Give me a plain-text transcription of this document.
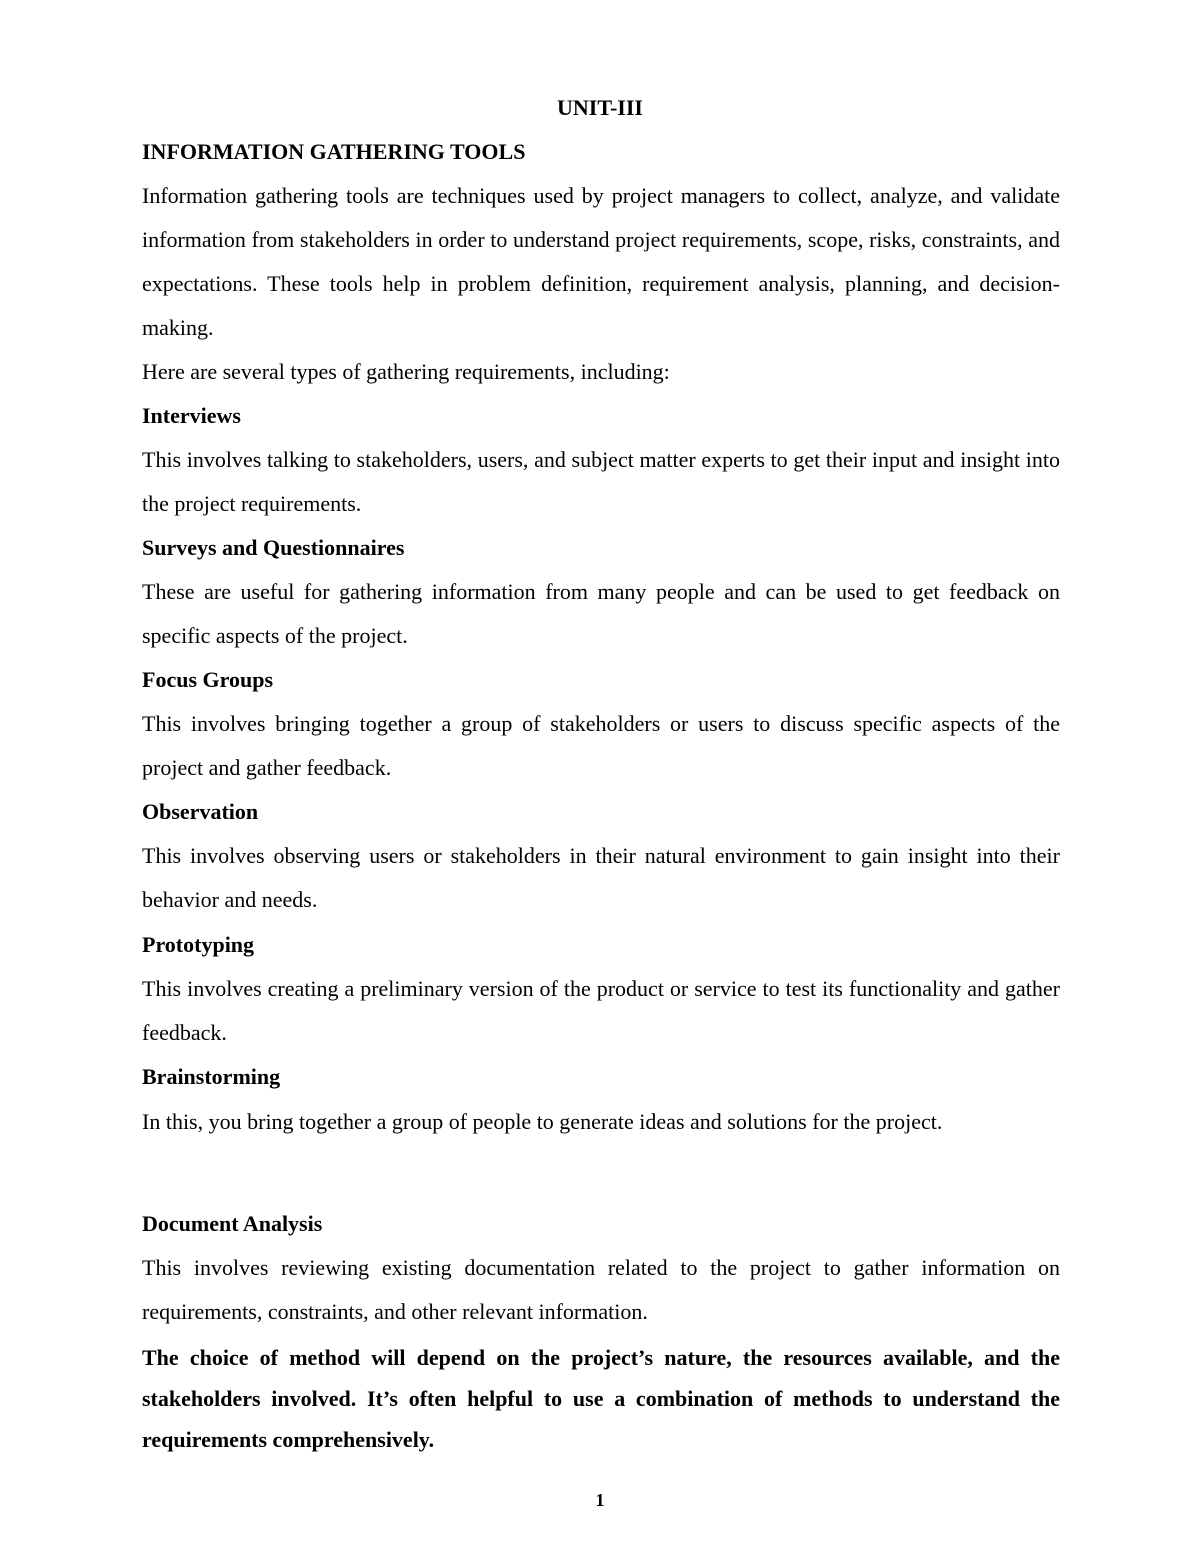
UNIT-III
INFORMATION GATHERING TOOLS
Information gathering tools are techniques used by project managers to collect, analyze, and validate information from stakeholders in order to understand project requirements, scope, risks, constraints, and expectations. These tools help in problem definition, requirement analysis, planning, and decision-making.
Here are several types of gathering requirements, including:
Interviews
This involves talking to stakeholders, users, and subject matter experts to get their input and insight into the project requirements.
Surveys and Questionnaires
These are useful for gathering information from many people and can be used to get feedback on specific aspects of the project.
Focus Groups
This involves bringing together a group of stakeholders or users to discuss specific aspects of the project and gather feedback.
Observation
This involves observing users or stakeholders in their natural environment to gain insight into their behavior and needs.
Prototyping
This involves creating a preliminary version of the product or service to test its functionality and gather feedback.
Brainstorming
In this, you bring together a group of people to generate ideas and solutions for the project.
Document Analysis
This involves reviewing existing documentation related to the project to gather information on requirements, constraints, and other relevant information.
The choice of method will depend on the project’s nature, the resources available, and the stakeholders involved. It’s often helpful to use a combination of methods to understand the requirements comprehensively.
1
